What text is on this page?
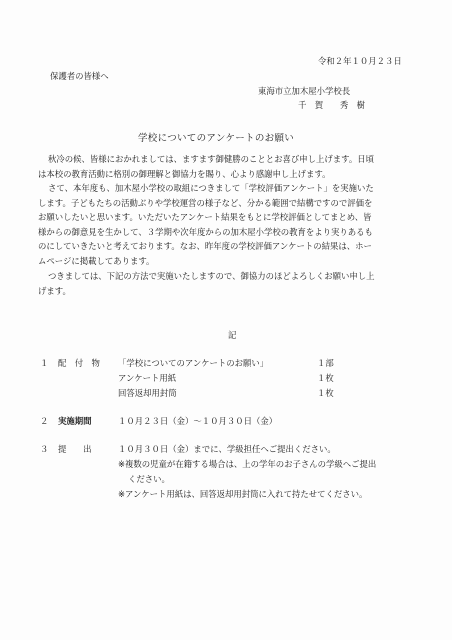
令和２年１０月２３日
保護者の皆様へ
東海市立加木屋小学校長
千　賀　　秀　樹
学校についてのアンケートのお願い
秋冷の候、皆様におかれましては、ますます御健勝のこととお喜び申し上げます。日頃
は本校の教育活動に格別の御理解と御協力を賜り、心より感謝申し上げます。
さて、本年度も、加木屋小学校の取組につきまして「学校評価アンケート」を実施いた
します。子どもたちの活動ぶりや学校運営の様子など、分かる範囲で結構ですので評価を
お願いしたいと思います。いただいたアンケート結果をもとに学校評価としてまとめ、皆
様からの御意見を生かして、３学期や次年度からの加木屋小学校の教育をより実りあるも
のにしていきたいと考えております。なお、昨年度の学校評価アンケートの結果は、ホー
ムページに掲載してあります。
つきましては、下記の方法で実施いたしますので、御協力のほどよろしくお願い申し上
げます。
記
１ 配　付　物 「学校についてのアンケートのお願い」	１部
アンケート用紙	１枚
回答返却用封筒	１枚
２ 実施期間	１０月２３日（金）～１０月３０日（金）
３ 提　　出	１０月３０日（金）までに、学級担任へご提出ください。
※複数の児童が在籍する場合は、上の学年のお子さんの学級へご提出
ください。
※アンケート用紙は、回答返却用封筒に入れて持たせてください。
